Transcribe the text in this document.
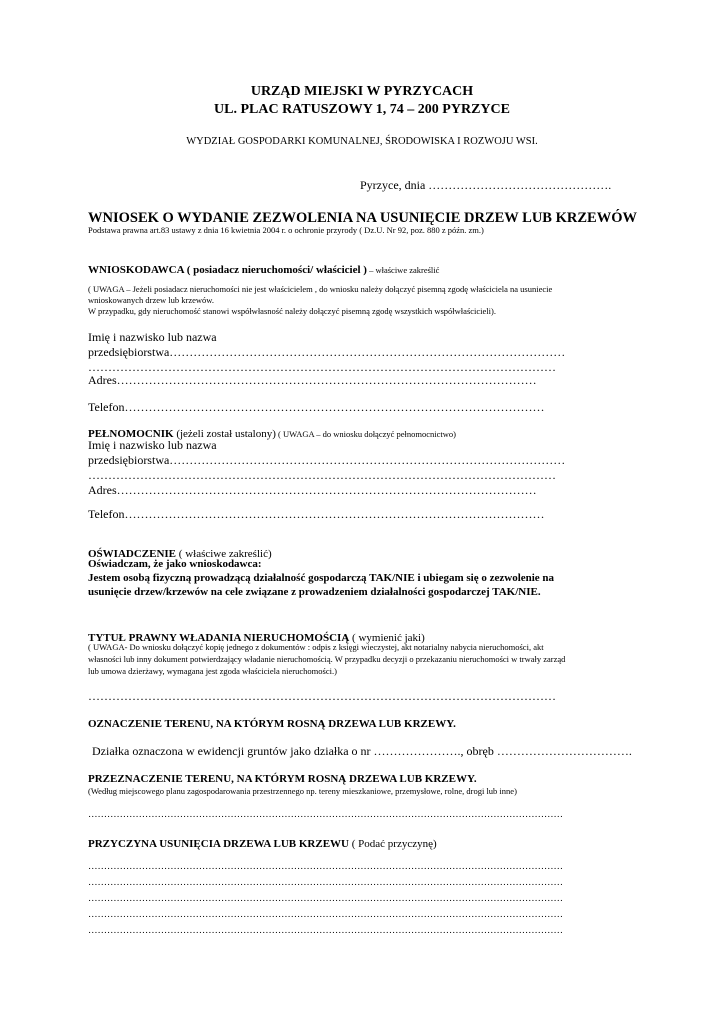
URZĄD MIEJSKI W PYRZYCACH
UL. PLAC RATUSZOWY 1, 74 – 200 PYRZYCE
WYDZIAŁ GOSPODARKI KOMUNALNEJ, ŚRODOWISKA I ROZWOJU WSI.
Pyrzyce, dnia ……………………………………….
WNIOSEK O WYDANIE ZEZWOLENIA NA USUNIĘCIE DRZEW LUB KRZEWÓW
Podstawa prawna art.83 ustawy z dnia 16 kwietnia 2004 r. o ochronie przyrody ( Dz.U. Nr 92, poz. 880 z późn. zm.)
WNIOSKODAWCA ( posiadacz nieruchomości/ właściciel ) – właściwe zakreślić
( UWAGA – Jeżeli posiadacz nieruchomości nie jest właścicielem , do wniosku należy dołączyć pisemną zgodę właściciela na usuniecie
wnioskowanych drzew lub krzewów.
W przypadku, gdy nieruchomość stanowi współwłasność należy dołączyć pisemną zgodę wszystkich współwłaścicieli).
Imię i nazwisko lub nazwa
przedsiębiorstwa………………………………………………………………………………………
………………………………………………………………………………………………………
Adres……………………………………………………………………………………………
Telefon……………………………………………………………………………………………
PEŁNOMOCNIK (jeżeli został ustalony) ( UWAGA – do wniosku dołączyć pełnomocnictwo)
Imię i nazwisko lub nazwa
przedsiębiorstwa………………………………………………………………………………………
………………………………………………………………………………………………………
Adres……………………………………………………………………………………………
Telefon……………………………………………………………………………………………
OŚWIADCZENIE ( właściwe zakreślić)
Oświadczam, że jako wnioskodawca:
Jestem osobą fizyczną prowadzącą działalność gospodarczą TAK/NIE i ubiegam się o zezwolenie na
usunięcie drzew/krzewów na cele związane z prowadzeniem działalności gospodarczej TAK/NIE.
TYTUŁ PRAWNY WŁADANIA NIERUCHOMOŚCIĄ ( wymienić jaki)
( UWAGA- Do wniosku dołączyć kopię jednego z dokumentów : odpis z księgi wieczystej, akt notarialny nabycia nieruchomości, akt
własności lub inny dokument potwierdzający władanie nieruchomością. W przypadku decyzji o przekazaniu nieruchomości w trwały zarząd
lub umowa dzierżawy, wymagana jest zgoda właściciela nieruchomości.)
………………………………………………………………………………………………………
OZNACZENIE TERENU, NA KTÓRYM ROSNĄ DRZEWA LUB KRZEWY.
Działka oznaczona w ewidencji gruntów jako działka o nr …………………., obręb …………………………….
PRZEZNACZENIE TERENU, NA KTÓRYM ROSNĄ DRZEWA LUB KRZEWY.
(Według miejscowego planu zagospodarowania przestrzennego np. tereny mieszkaniowe, przemysłowe, rolne, drogi lub inne)
……………………………………………………………………………………………………………………………………
PRZYCZYNA USUNIĘCIA DRZEWA LUB KRZEWU ( Podać przyczynę)
……………………………………………………………………………………………………………………………………
……………………………………………………………………………………………………………………………………
……………………………………………………………………………………………………………………………………
……………………………………………………………………………………………………………………………………
……………………………………………………………………………………………………………………………………
